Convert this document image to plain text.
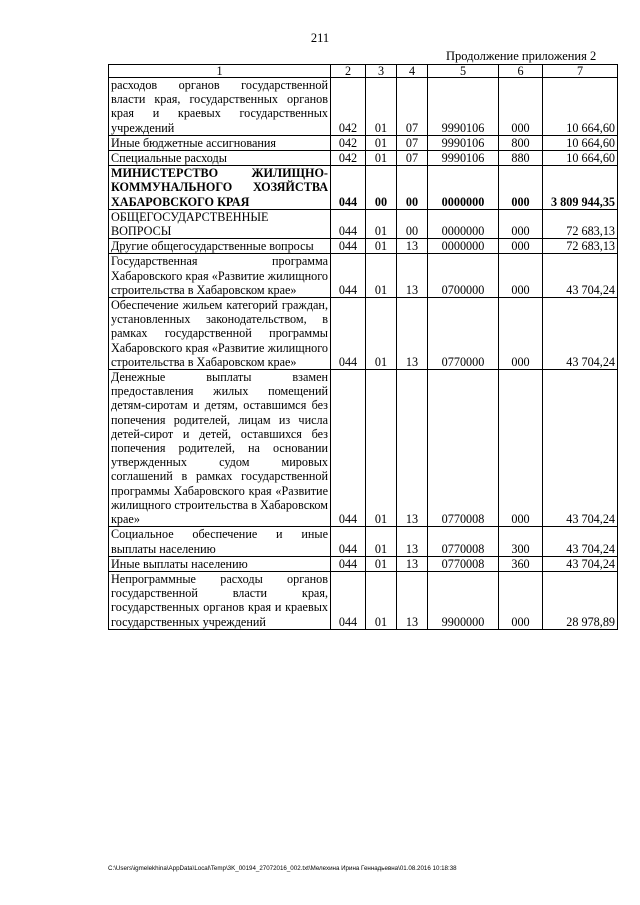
211
Продолжение приложения 2
1	2	3	4	5	6	7
расходов органов государственной власти края, государственных органов края и краевых государственных учреждений	042	01	07	9990106	000	10 664,60
Иные бюджетные ассигнования	042	01	07	9990106	800	10 664,60
Специальные расходы	042	01	07	9990106	880	10 664,60
МИНИСТЕРСТВО ЖИЛИЩНО-КОММУНАЛЬНОГО ХОЗЯЙСТВА ХАБАРОВСКОГО КРАЯ	044	00	00	0000000	000	3 809 944,35
ОБЩЕГОСУДАРСТВЕННЫЕ ВОПРОСЫ	044	01	00	0000000	000	72 683,13
Другие общегосударственные вопросы	044	01	13	0000000	000	72 683,13
Государственная программа Хабаровского края «Развитие жилищного строительства в Хабаровском крае»	044	01	13	0700000	000	43 704,24
Обеспечение жильем категорий граждан, установленных законодательством, в рамках государственной программы Хабаровского края «Развитие жилищного строительства в Хабаровском крае»	044	01	13	0770000	000	43 704,24
Денежные выплаты взамен предоставления жилых помещений детям-сиротам и детям, оставшимся без попечения родителей, лицам из числа детей-сирот и детей, оставшихся без попечения родителей, на основании утвержденных судом мировых соглашений в рамках государственной программы Хабаровского края «Развитие жилищного строительства в Хабаровском крае»	044	01	13	0770008	000	43 704,24
Социальное обеспечение и иные выплаты населению	044	01	13	0770008	300	43 704,24
Иные выплаты населению	044	01	13	0770008	360	43 704,24
Непрограммные расходы органов государственной власти края, государственных органов края и краевых государственных учреждений	044	01	13	9900000	000	28 978,89
C:\Users\igmelekhina\AppData\Local\Temp\3K_00194_27072016_002.txt\Мелехина Ирина Геннадьевна\01.08.2016 10:18:38
